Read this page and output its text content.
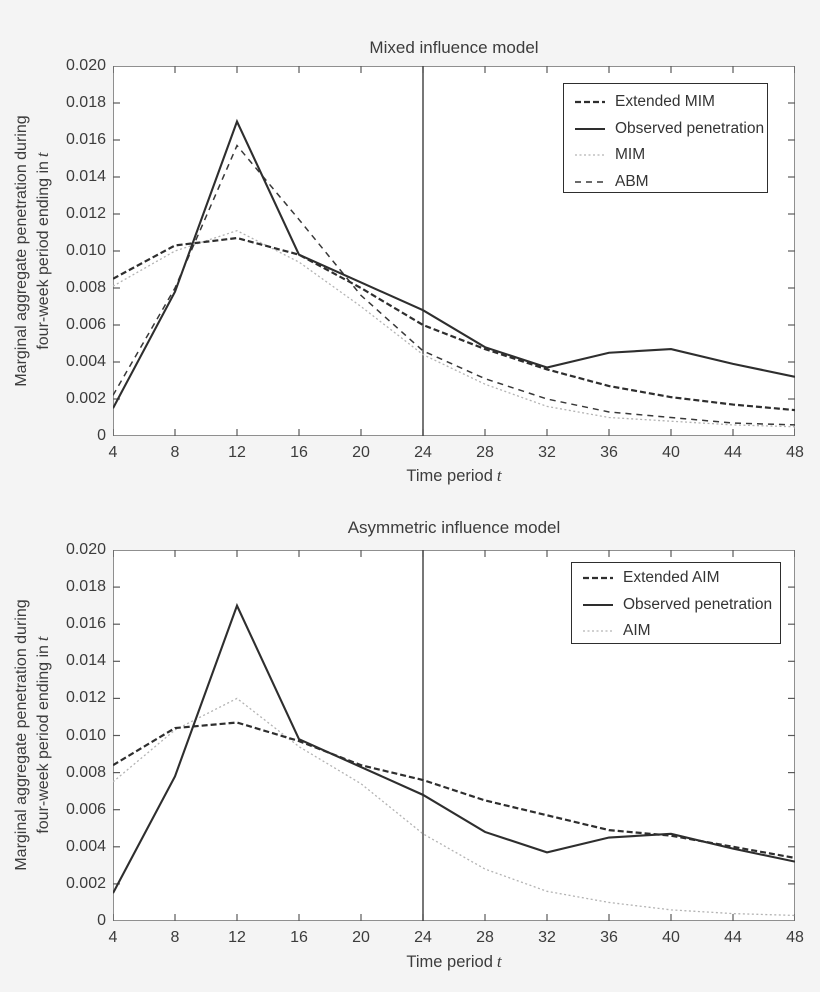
Mixed influence model
Marginal aggregate penetration during four-week period ending int
Time period t
4	8	12	16	20	24	28	32	36	40	44	48
0
0.002
0.004
0.006
0.008
0.010
0.012
0.014
0.016
0.018
0.020
Extended MIM
Observed penetration
MIM
ABM
Asymmetric influence model
Marginal aggregate penetration during four-week period ending int
Time period t
4	8	12	16	20	24	28	32	36	40	44	48
0
0.002
0.004
0.006
0.008
0.010
0.012
0.014
0.016
0.018
0.020
Extended AIM
Observed penetration
AIM
